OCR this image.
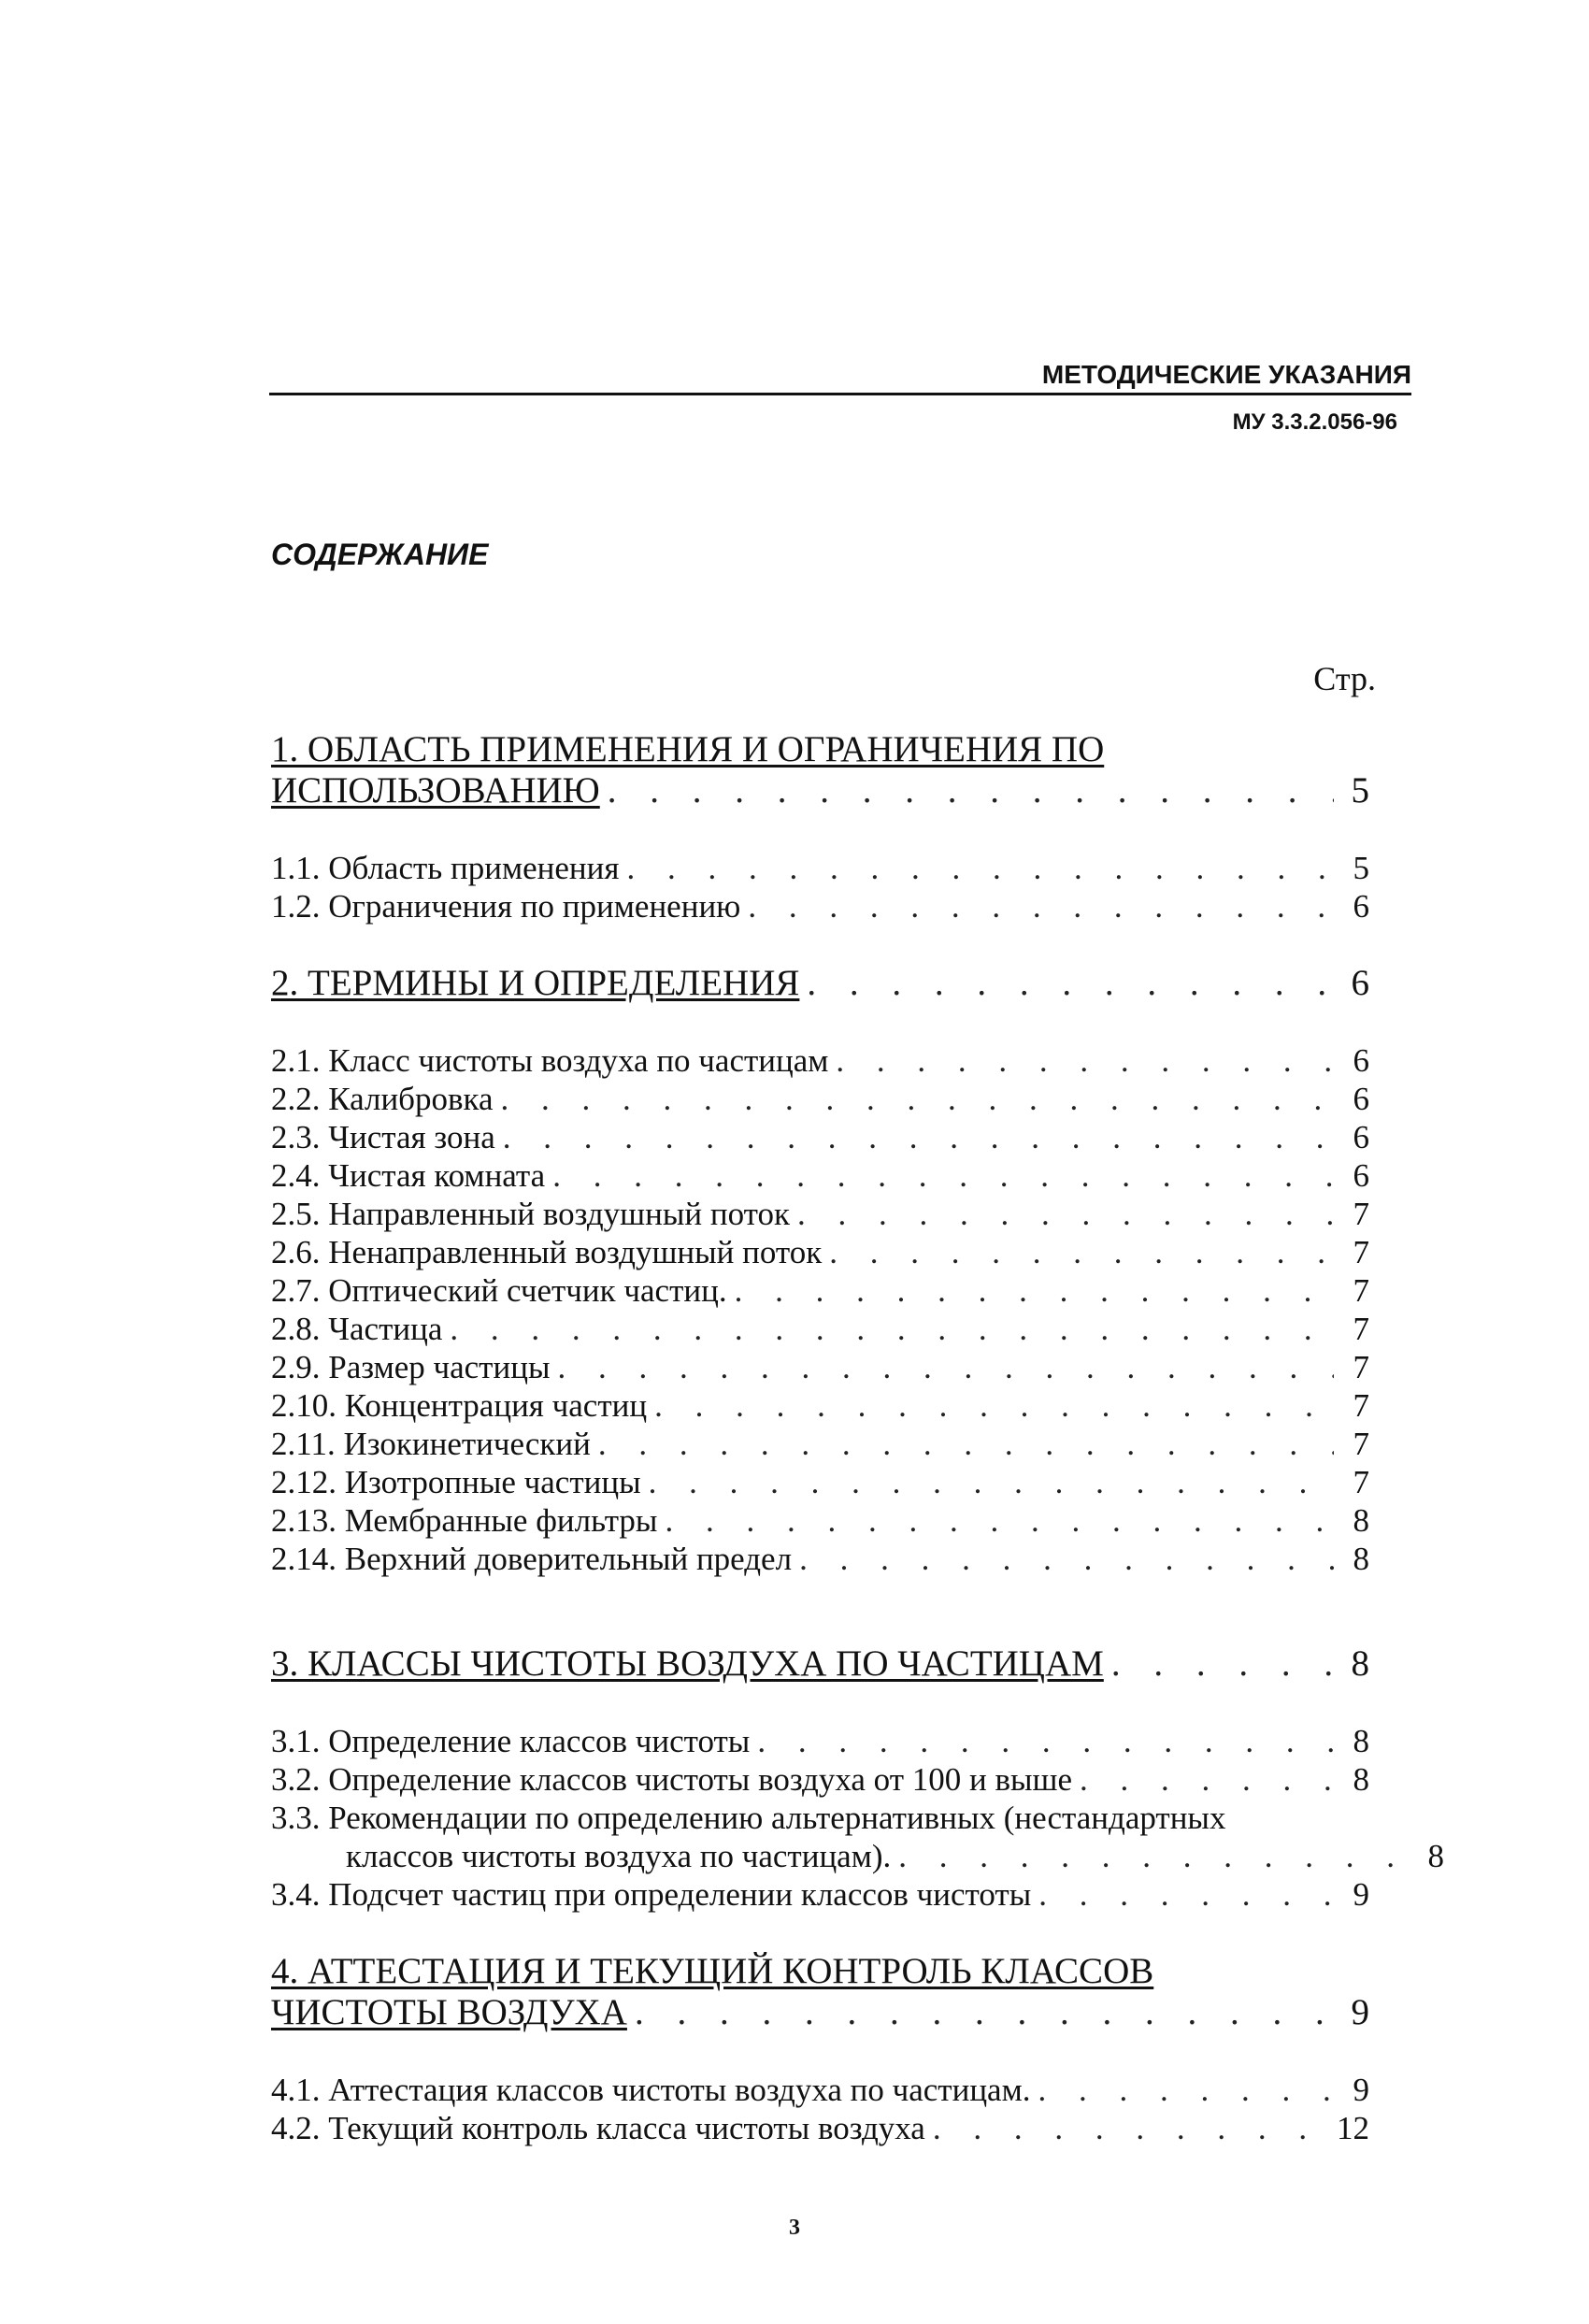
МЕТОДИЧЕСКИЕ УКАЗАНИЯ
МУ 3.3.2.056-96
СОДЕРЖАНИЕ
Стр.
1. ОБЛАСТЬ ПРИМЕНЕНИЯ И ОГРАНИЧЕНИЯ ПО
ИСПОЛЬЗОВАНИЮ . . .	5
1.1. Область применения . . .	5
1.2. Ограничения по применению . . .	6
2. ТЕРМИНЫ И ОПРЕДЕЛЕНИЯ . . .	6
2.1. Класс чистоты воздуха по частицам . . .	6
2.2. Калибровка . . .	6
2.3. Чистая зона . . .	6
2.4. Чистая комната . . .	6
2.5. Направленный воздушный поток . . .	7
2.6. Ненаправленный воздушный поток . . .	7
2.7. Оптический счетчик частиц. . . .	7
2.8. Частица . . .	7
2.9. Размер частицы . . .	7
2.10. Концентрация частиц . . .	7
2.11. Изокинетический . . .	7
2.12. Изотропные частицы . . .	7
2.13. Мембранные фильтры . . .	8
2.14. Верхний доверительный предел . . .	8
3. КЛАССЫ ЧИСТОТЫ ВОЗДУХА ПО ЧАСТИЦАМ . . .	8
3.1. Определение классов чистоты . . .	8
3.2. Определение классов чистоты воздуха от 100 и выше . . .	8
3.3. Рекомендации по определению альтернативных (нестандартных
классов чистоты воздуха по частицам). . . .	8
3.4. Подсчет частиц при определении классов чистоты . . .	9
4. АТТЕСТАЦИЯ И ТЕКУЩИЙ КОНТРОЛЬ КЛАССОВ
ЧИСТОТЫ ВОЗДУХА . . .	9
4.1. Аттестация классов чистоты воздуха по частицам. . . .	9
4.2. Текущий контроль класса чистоты воздуха . . .	12
3
